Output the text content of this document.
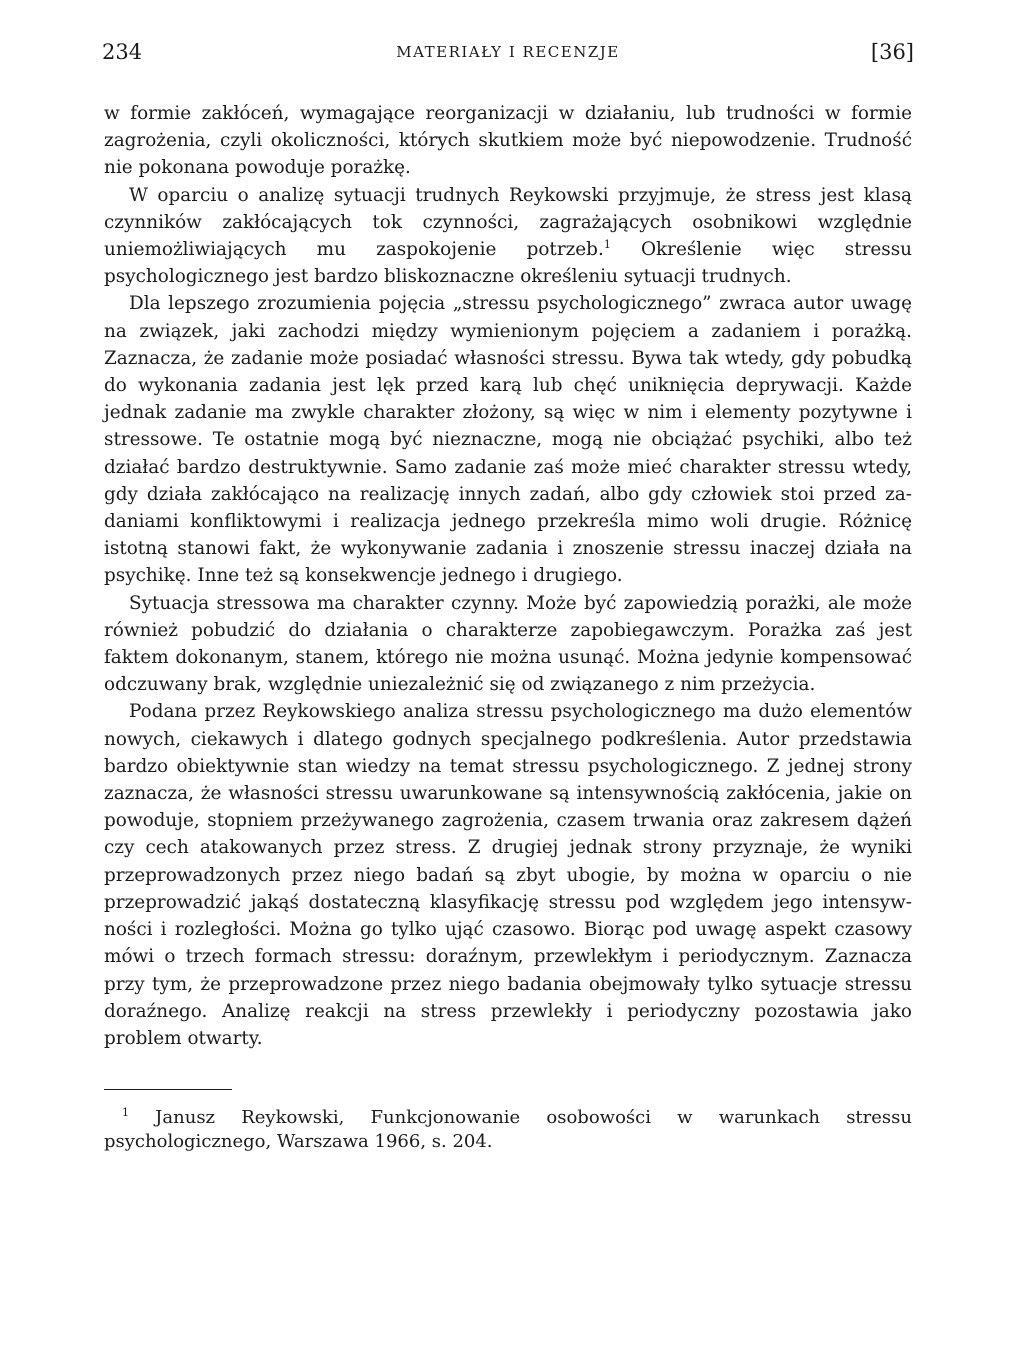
234	MATERIAŁY I RECENZJE	[36]

w formie zakłóceń, wymagające reorganizacji w działaniu, lub trudności w formie zagrożenia, czyli okoliczności, których skutkiem może być niepowodzenie. Trudność nie pokonana powoduje porażkę.

W oparciu o analizę sytuacji trudnych Reykowski przyjmuje, że stress jest klasą czynników zakłócających tok czynności, zagrażających osobnikowi względnie uniemożliwiających mu zaspokojenie potrzeb.$^1$ Określenie więc stressu psychologicznego jest bardzo bliskoznaczne określeniu sytuacji trudnych.

Dla lepszego zrozumienia pojęcia „stressu psychologicznego” zwraca autor uwagę na związek, jaki zachodzi między wymienionym pojęciem a zadaniem i porażką. Zaznacza, że zadanie może posiadać własności stressu. Bywa tak wtedy, gdy pobudką do wykonania zadania jest lęk przed karą lub chęć uniknięcia deprywacji. Każde jednak zadanie ma zwykle charakter złożony, są więc w nim i elementy pozytywne i stressowe. Te ostatnie mogą być nieznaczne, mogą nie obciążać psychiki, albo też działać bardzo destruktywnie. Samo zadanie zaś może mieć charakter stressu wtedy, gdy działa zakłócająco na realizację innych zadań, albo gdy człowiek stoi przed zadaniami konfliktowymi i realizacja jednego przekreśla mimo woli drugie. Różnicę istotną stanowi fakt, że wykonywanie zadania i znoszenie stressu inaczej działa na psychikę. Inne też są konsekwencje jednego i drugiego.

Sytuacja stressowa ma charakter czynny. Może być zapowiedzią porażki, ale może również pobudzić do działania o charakterze zapobiegawczym. Porażka zaś jest faktem dokonanym, stanem, którego nie można usunąć. Można jedynie kompensować odczuwany brak, względnie uniezależnić się od związanego z nim przeżycia.

Podana przez Reykowskiego analiza stressu psychologicznego ma dużo elementów nowych, ciekawych i dlatego godnych specjalnego podkreślenia. Autor przedstawia bardzo obiektywnie stan wiedzy na temat stressu psychologicznego. Z jednej strony zaznacza, że własności stressu uwarunkowane są intensywnością zakłócenia, jakie on powoduje, stopniem przeżywanego zagrożenia, czasem trwania oraz zakresem dążeń czy cech atakowanych przez stress. Z drugiej jednak strony przyznaje, że wyniki przeprowadzonych przez niego badań są zbyt ubogie, by można w oparciu o nie przeprowadzić jakąś dostateczną klasyfikację stressu pod względem jego intensywności i rozległości. Można go tylko ująć czasowo. Biorąc pod uwagę aspekt czasowy mówi o trzech formach stressu: doraźnym, przewlekłym i periodycznym. Zaznacza przy tym, że przeprowadzone przez niego badania obejmowały tylko sytuacje stressu doraźnego. Analizę reakcji na stress przewlekły i periodyczny pozostawia jako problem otwarty.

$^1$ Janusz Reykowski, Funkcjonowanie osobowości w warunkach stressu psychologicznego, Warszawa 1966, s. 204.
